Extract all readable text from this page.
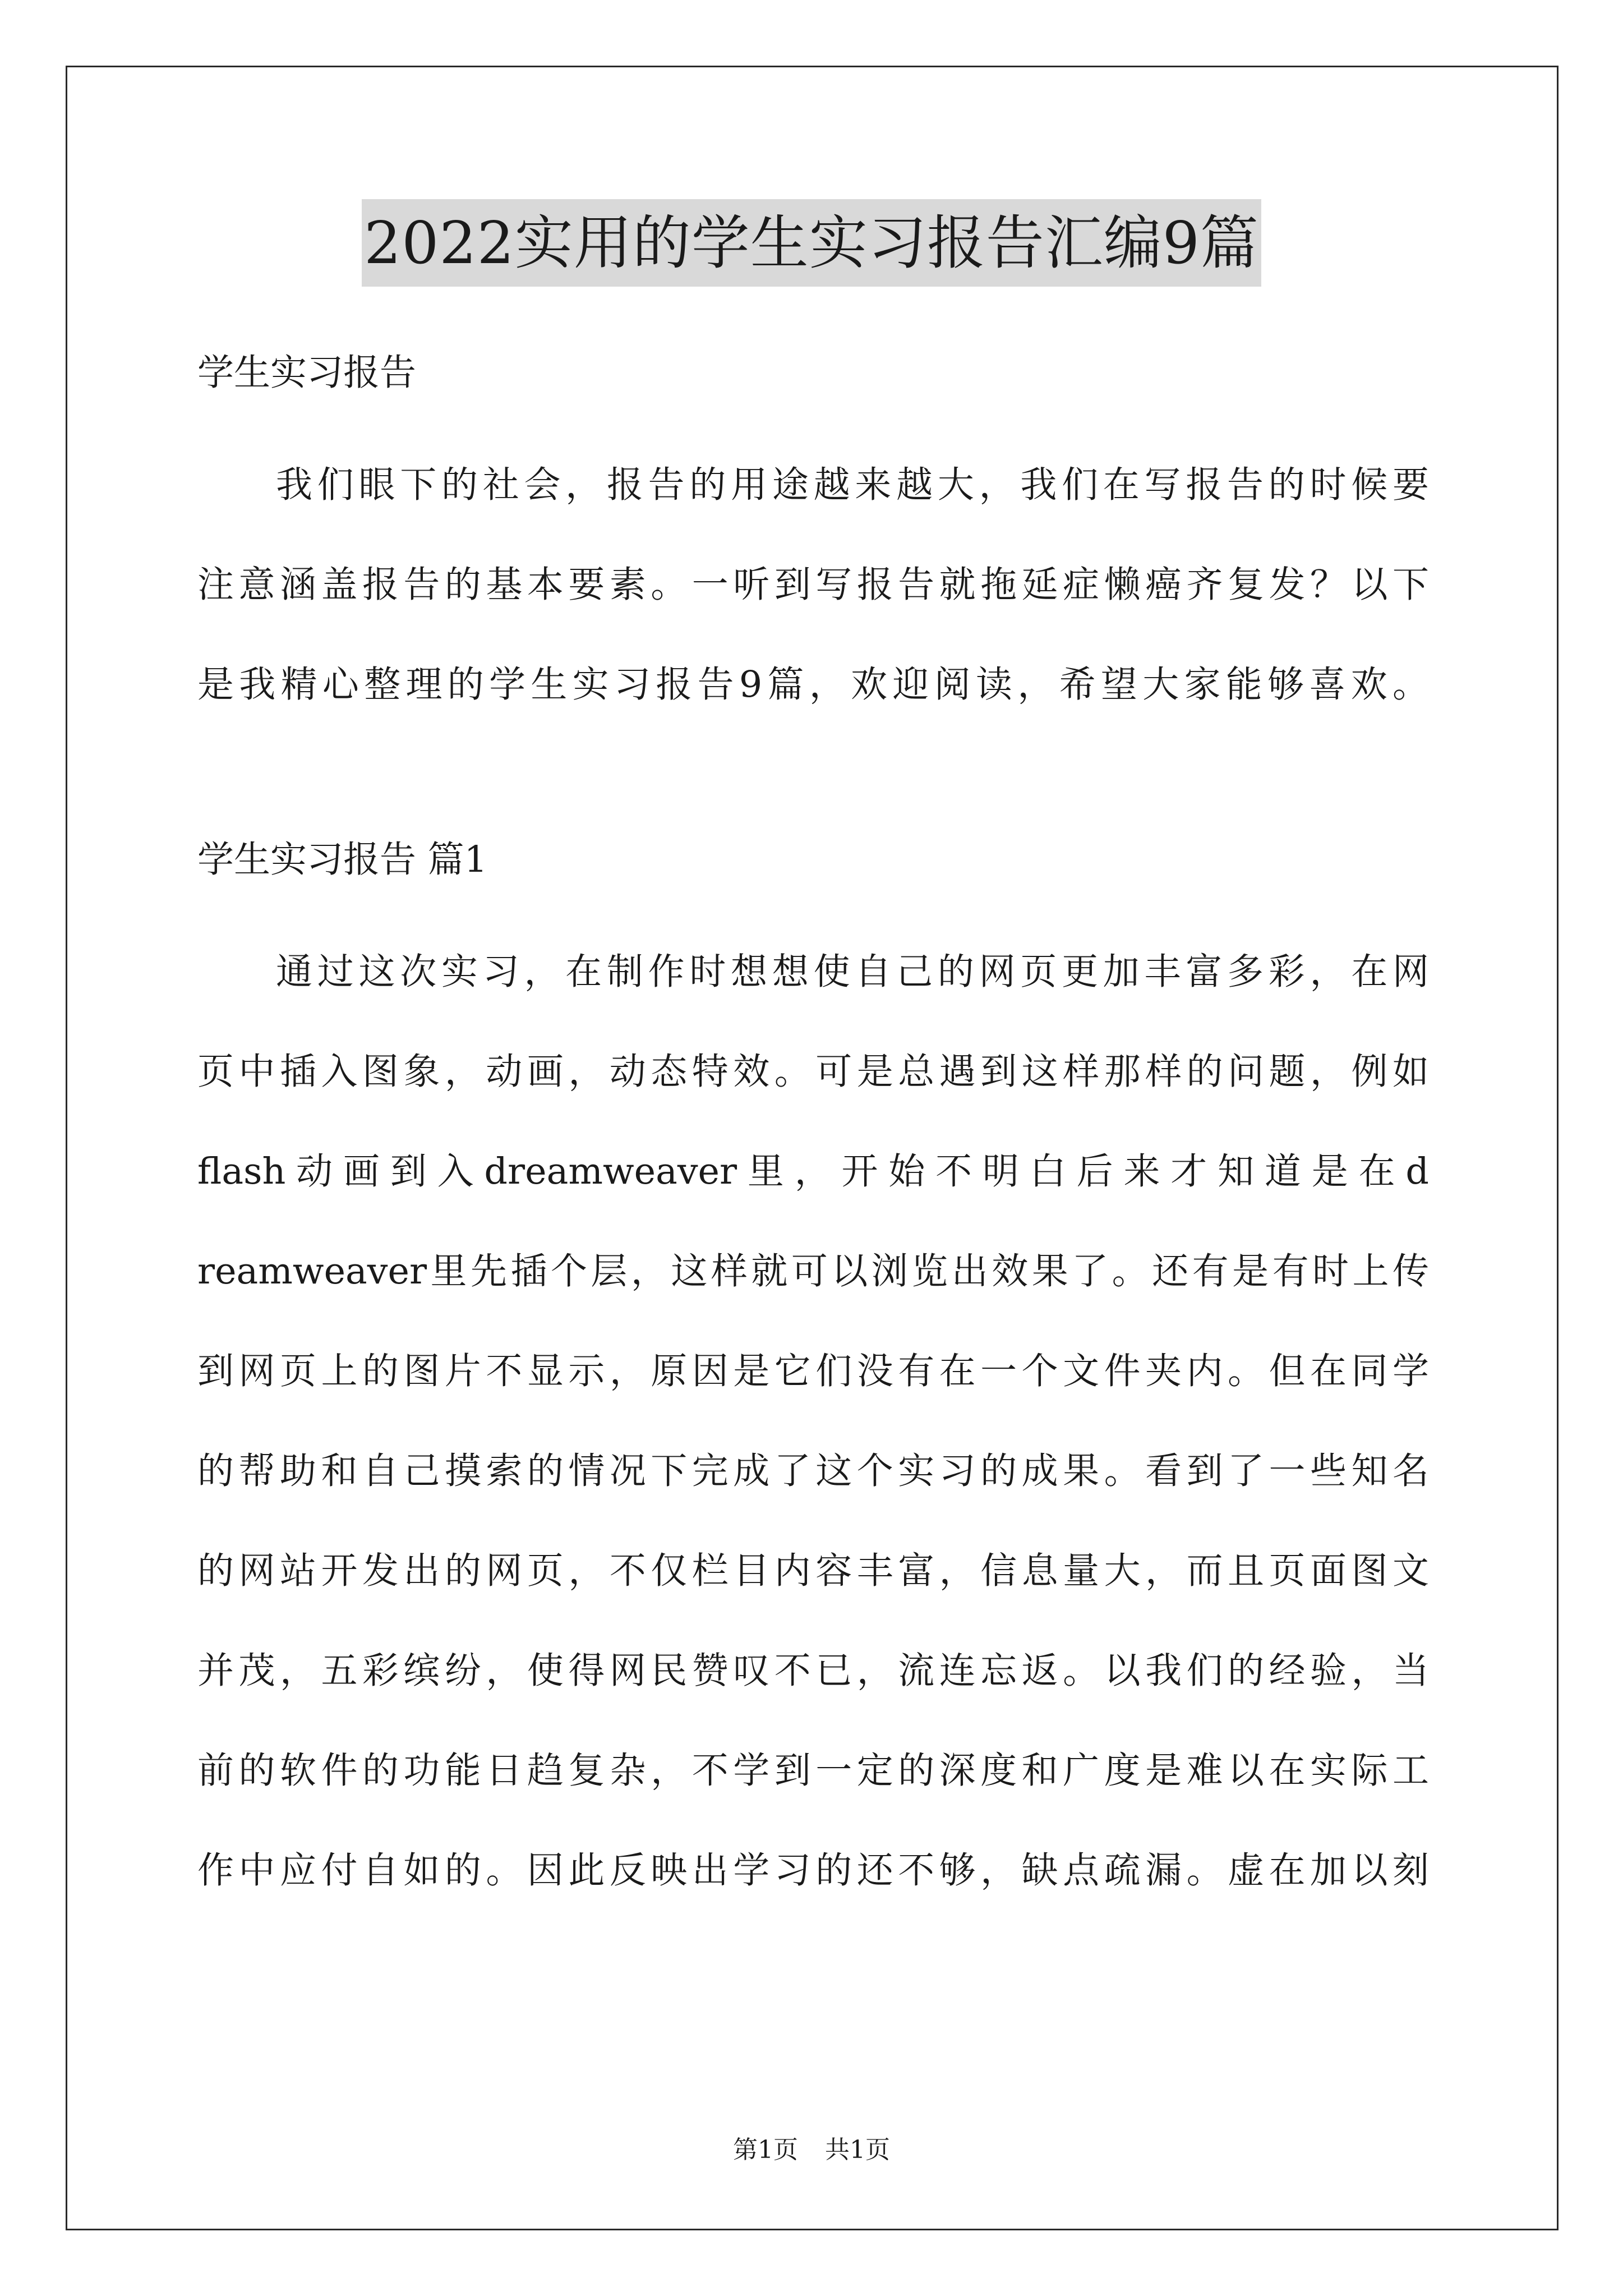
2022实用的学生实习报告汇编9篇

学生实习报告

我们眼下的社会，报告的用途越来越大，我们在写报告的时候要

注意涵盖报告的基本要素。一听到写报告就拖延症懒癌齐复发？以下

是我精心整理的学生实习报告9篇，欢迎阅读，希望大家能够喜欢。

学生实习报告 篇1

通过这次实习，在制作时想想使自己的网页更加丰富多彩，在网

页中插入图象，动画，动态特效。可是总遇到这样那样的问题，例如

flash动画到入dreamweaver里，开始不明白后来才知道是在d

reamweaver里先插个层，这样就可以浏览出效果了。还有是有时上传

到网页上的图片不显示，原因是它们没有在一个文件夹内。但在同学

的帮助和自己摸索的情况下完成了这个实习的成果。看到了一些知名

的网站开发出的网页，不仅栏目内容丰富，信息量大，而且页面图文

并茂，五彩缤纷，使得网民赞叹不已，流连忘返。以我们的经验，当

前的软件的功能日趋复杂，不学到一定的深度和广度是难以在实际工

作中应付自如的。因此反映出学习的还不够，缺点疏漏。虚在加以刻

第1页 共1页
